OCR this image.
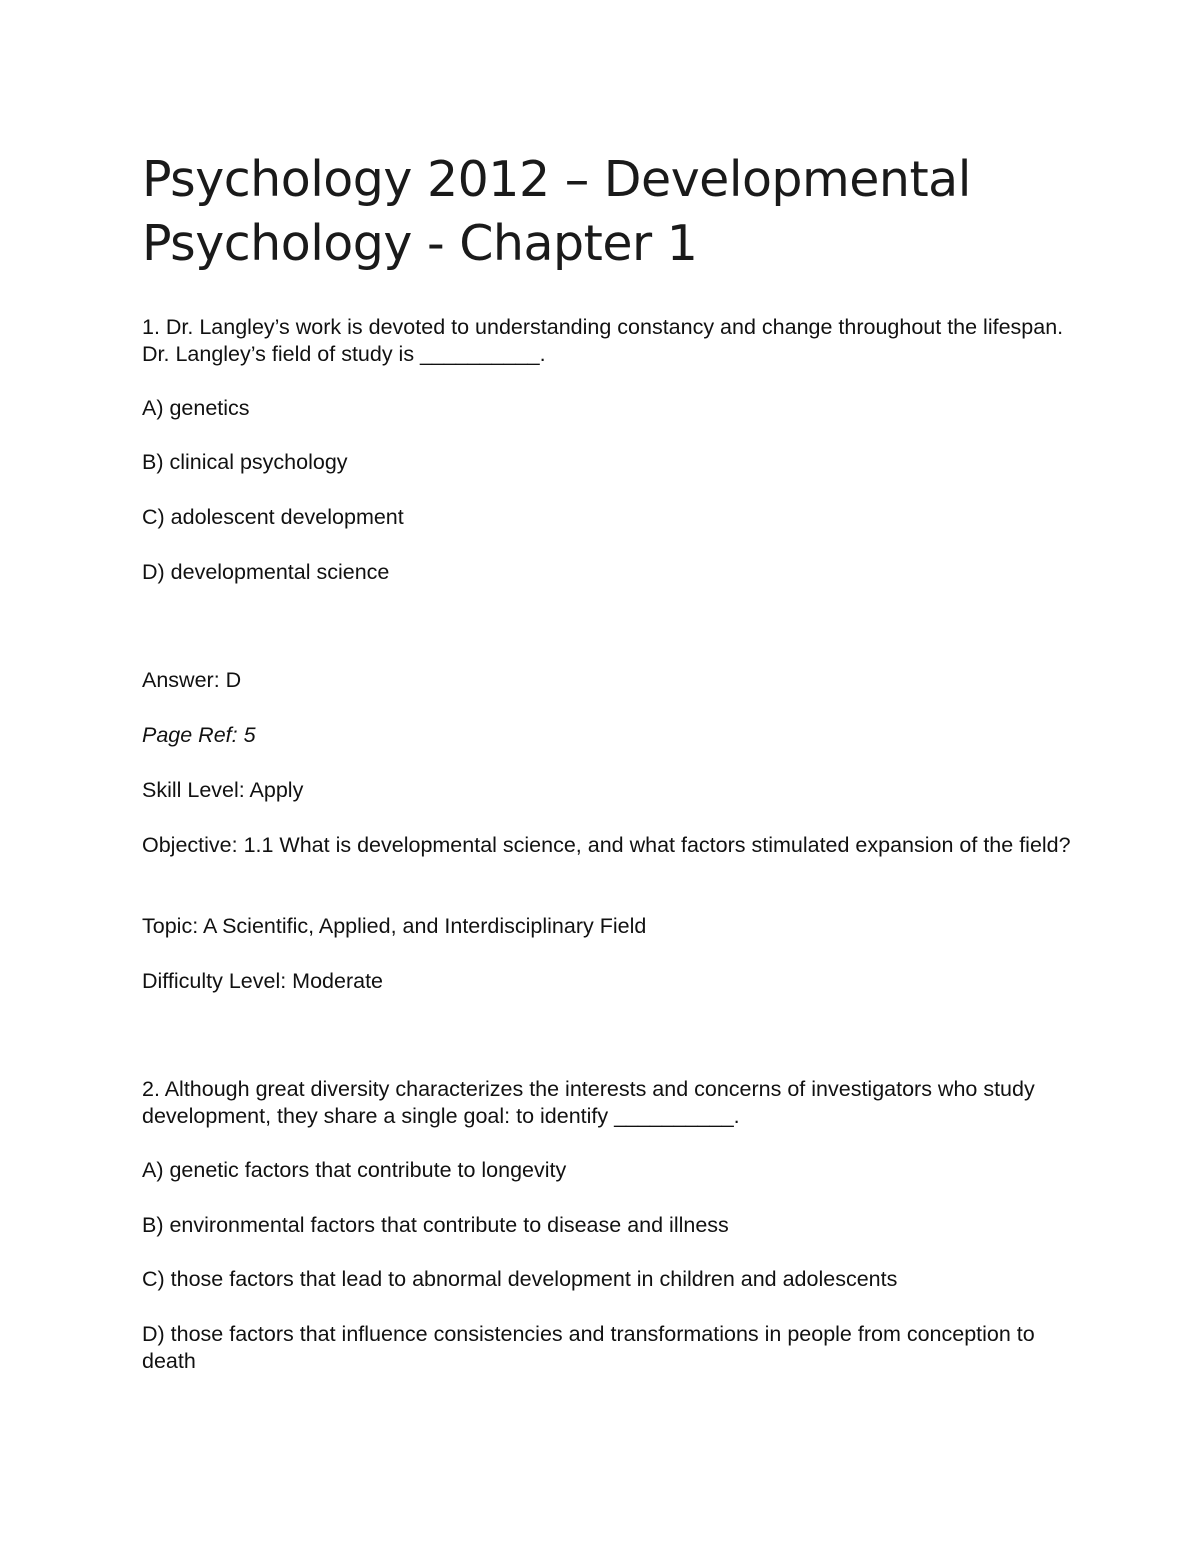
Psychology 2012 – Developmental Psychology - Chapter 1

1. Dr. Langley’s work is devoted to understanding constancy and change throughout the lifespan. Dr. Langley’s field of study is __________.

A) genetics

B) clinical psychology

C) adolescent development

D) developmental science

Answer: D

Page Ref: 5

Skill Level: Apply

Objective: 1.1 What is developmental science, and what factors stimulated expansion of the field?

Topic: A Scientific, Applied, and Interdisciplinary Field

Difficulty Level: Moderate

2. Although great diversity characterizes the interests and concerns of investigators who study development, they share a single goal: to identify __________.

A) genetic factors that contribute to longevity

B) environmental factors that contribute to disease and illness

C) those factors that lead to abnormal development in children and adolescents

D) those factors that influence consistencies and transformations in people from conception to death
